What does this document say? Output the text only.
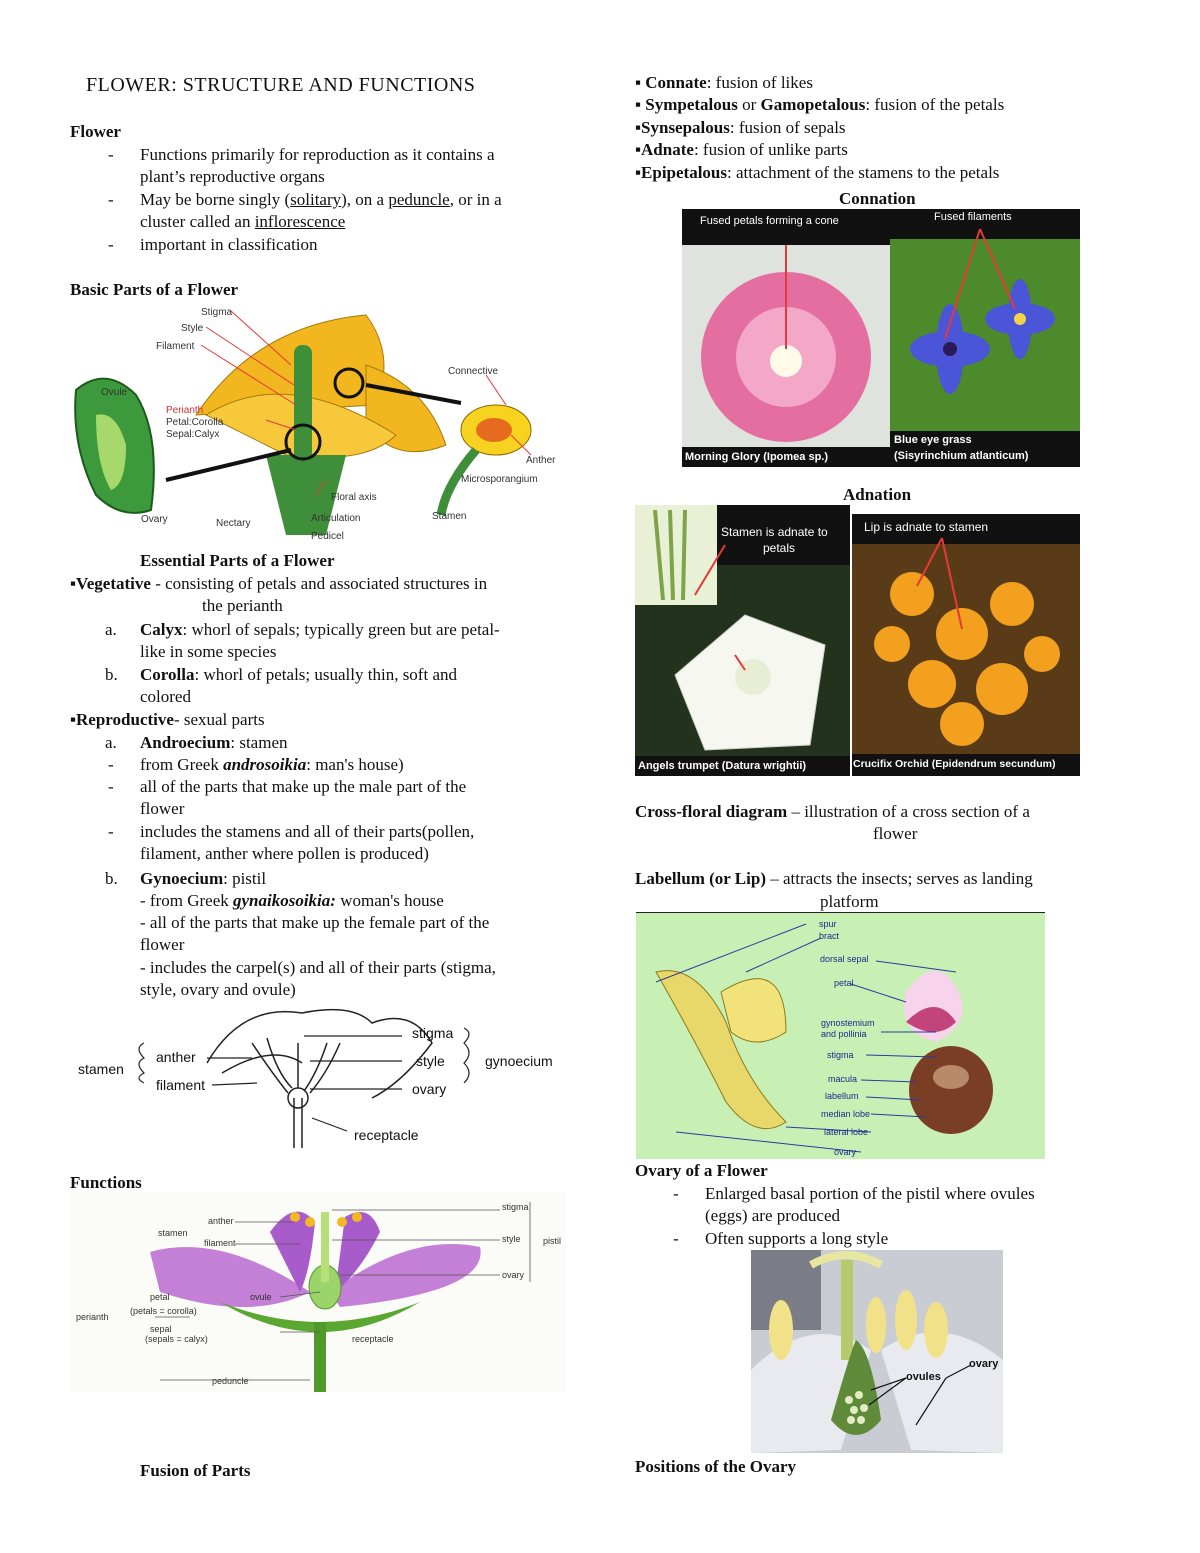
FLOWER: STRUCTURE AND FUNCTIONS
Flower
- Functions primarily for reproduction as it contains a
plant’s reproductive organs
- May be borne singly (solitary), on a peduncle, or in a
cluster called an inflorescence
- important in classification
Basic Parts of a Flower
Stigma
Style
Filament
Ovule
Perianth
Petal:Corolla
Sepal:Calyx
Connective
Anther
Microsporangium
Ovary	Nectary
Floral axis
Articulation
Pedicel
Stamen
Essential Parts of a Flower
▪Vegetative - consisting of petals and associated structures in
the perianth
a. Calyx: whorl of sepals; typically green but are petal-
like in some species
b. Corolla: whorl of petals; usually thin, soft and
colored
▪Reproductive- sexual parts
a. Androecium: stamen
- from Greek androsoikia: man's house)
- all of the parts that make up the male part of the
flower
- includes the stamens and all of their parts(pollen,
filament, anther where pollen is produced)
b. Gynoecium: pistil
- from Greek gynaikosoikia: woman's house
- all of the parts that make up the female part of the
flower
- includes the carpel(s) and all of their parts (stigma,
style, ovary and ovule)
stamen
anther
filament
stigma
style
ovary
gynoecium
receptacle
Functions
stigma
style
ovary
pistil
anther
filament
stamen
ovule
petal
(petals = corolla)
sepal
(sepals = calyx)
perianth
receptacle
peduncle
Fusion of Parts
▪ Connate: fusion of likes
▪ Sympetalous or Gamopetalous: fusion of the petals
▪Synsepalous: fusion of sepals
▪Adnate: fusion of unlike parts
▪Epipetalous: attachment of the stamens to the petals
Connation
Fused petals forming a cone
Morning Glory (Ipomea sp.)
Fused filaments
Blue eye grass
(Sisyrinchium atlanticum)
Adnation
Stamen is adnate to
petals
Angels trumpet (Datura wrightii)
Lip is adnate to stamen
Crucifix Orchid (Epidendrum secundum)
Cross-floral diagram – illustration of a cross section of a
flower
Labellum (or Lip) – attracts the insects; serves as landing
platform
spur
bract
dorsal sepal
petal
gynostemium
and pollinia
stigma
macula
labellum
median lobe
lateral lobe
ovary
Ovary of a Flower
- Enlarged basal portion of the pistil where ovules
(eggs) are produced
- Often supports a long style
ovary
ovules
Positions of the Ovary
